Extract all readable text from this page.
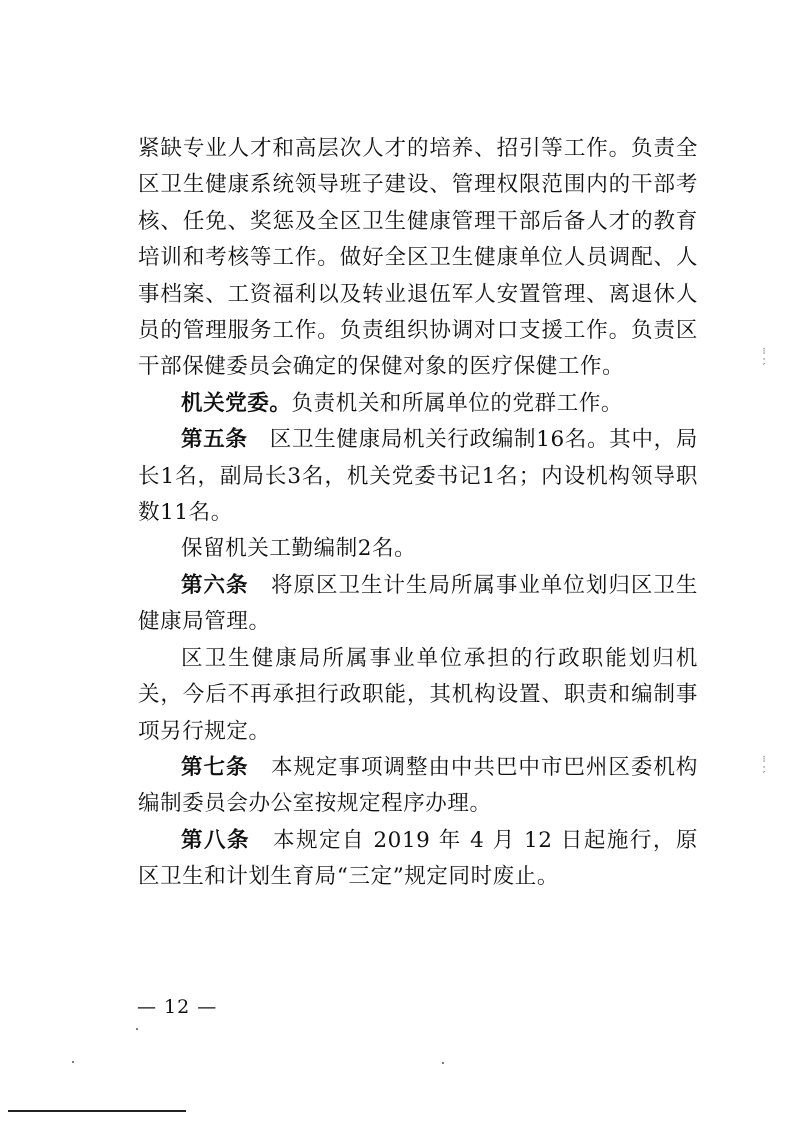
紧缺专业人才和高层次人才的培养、招引等工作。负责全区卫生健康系统领导班子建设、管理权限范围内的干部考核、任免、奖惩及全区卫生健康管理干部后备人才的教育培训和考核等工作。做好全区卫生健康单位人员调配、人事档案、工资福利以及转业退伍军人安置管理、离退休人员的管理服务工作。负责组织协调对口支援工作。负责区干部保健委员会确定的保健对象的医疗保健工作。

机关党委。负责机关和所属单位的党群工作。

第五条　区卫生健康局机关行政编制16名。其中，局长1名，副局长3名，机关党委书记1名；内设机构领导职数11名。

保留机关工勤编制2名。

第六条　将原区卫生计生局所属事业单位划归区卫生健康局管理。

区卫生健康局所属事业单位承担的行政职能划归机关，今后不再承担行政职能，其机构设置、职责和编制事项另行规定。

第七条　本规定事项调整由中共巴中市巴州区委机构编制委员会办公室按规定程序办理。

第八条　本规定自 2019 年 4 月 12 日起施行，原区卫生和计划生育局“三定”规定同时废止。

— 12 —
⁝
·
′
⁝
·
′
